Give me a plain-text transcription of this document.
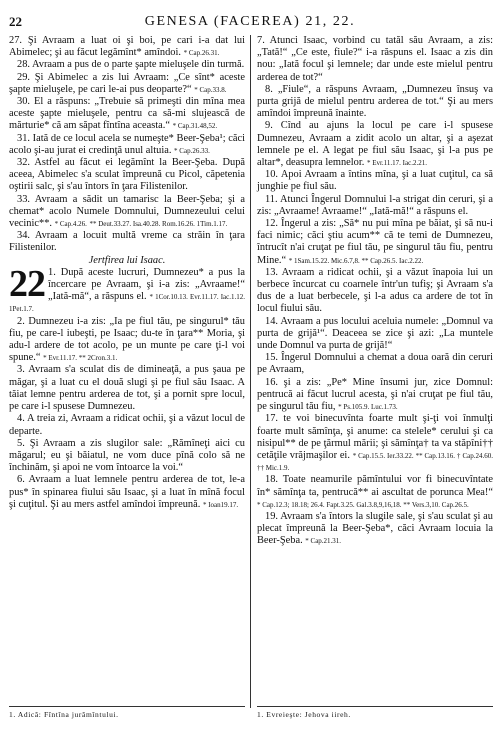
22	GENESA (FACEREA) 21, 22.

27. Şi Avraam a luat oi şi boi, pe cari i-a dat lui Abimelec; şi au făcut legămînt* amîndoi. * Cap.26.31.

28. Avraam a pus de o parte şapte mieluşele din turmă.

29. Şi Abimelec a zis lui Avraam: „Ce sînt* aceste şapte mieluşele, pe cari le-ai pus deoparte?“ * Cap.33.8.

30. El a răspuns: „Trebuie să primeşti din mîna mea aceste şapte mieluşele, pentru ca să-mi slujească de mărturie* că am săpat fîntîna aceasta.“ * Cap.31.48,52.

31. Iată de ce locul acela se numeşte* Beer-Şeba¹; căci acolo şi-au jurat ei credinţă unul altuia. * Cap.26.33.

32. Astfel au făcut ei legămînt la Beer-Şeba. După aceea, Abimelec s'a sculat împreună cu Picol, căpetenia oştirii salc, şi s'au întors în ţara Filistenilor.

33. Avraam a sădit un tamarisc la Beer-Şeba; şi a chemat* acolo Numele Domnului, Dumnezeului celui vecinic**. * Cap.4.26. ** Deut.33.27. Isa.40.28. Rom.16.26. 1Tim.1.17.

34. Avraam a locuit multă vreme ca străin în ţara Filistenilor.

Jertfirea lui Isaac.

22 1. După aceste lucruri, Dumnezeu* a pus la încercare pe Avraam, şi i-a zis: „Avraame!“ „Iată-mă“, a răspuns el. * 1Cor.10.13. Evr.11.17. Iac.1.12. 1Pet.1.7.

2. Dumnezeu i-a zis: „Ia pe fiul tău, pe singurul* tău fiu, pe care-l iubeşti, pe Isaac; du-te în ţara** Moria, şi adu-l ardere de tot acolo, pe un munte pe care ţi-l voi spune.“ * Evr.11.17. ** 2Cron.3.1.

3. Avraam s'a sculat dis de dimineaţă, a pus şaua pe măgar, şi a luat cu el două slugi şi pe fiul său Isaac. A tăiat lemne pentru arderea de tot, şi a pornit spre locul, pe care i-l spusese Dumnezeu.

4. A treia zi, Avraam a ridicat ochii, şi a văzut locul de departe.

5. Şi Avraam a zis slugilor sale: „Rămîneţi aici cu măgarul; eu şi băiatul, ne vom duce pînă colo să ne închinăm, şi apoi ne vom întoarce la voi.“

6. Avraam a luat lemnele pentru arderea de tot, le-a pus* în spinarea fiului său Isaac, şi a luat în mînă focul şi cuţitul. Şi au mers astfel amîndoi împreună. * Ioan19.17.

7. Atunci Isaac, vorbind cu tatăl său Avraam, a zis: „Tată!“ „Ce este, fiule?“ i-a răspuns el. Isaac a zis din nou: „Iată focul şi lemnele; dar unde este mielul pentru arderea de tot?“

8. „Fiule“, a răspuns Avraam, „Dumnezeu însuş va purta grijă de mielul pentru arderea de tot.“ Şi au mers amîndoi împreună înainte.

9. Cînd au ajuns la locul pe care i-l spusese Dumnezeu, Avraam a zidit acolo un altar, şi a aşezat lemnele pe el. A legat pe fiul său Isaac, şi l-a pus pe altar*, deasupra lemnelor. * Evr.11.17. Iac.2.21.

10. Apoi Avraam a întins mîna, şi a luat cuţitul, ca să junghie pe fiul său.

11. Atunci Îngerul Domnului l-a strigat din ceruri, şi a zis: „Avraame! Avraame!“ „Iată-mă!“ a răspuns el.

12. Îngerul a zis: „Să* nu pui mîna pe băiat, şi să nu-i faci nimic; căci ştiu acum** că te temi de Dumnezeu, întrucît n'ai cruţat pe fiul tău, pe singurul tău fiu, pentru Mine.“ * 1Sam.15.22. Mic.6.7,8. ** Cap.26.5. Iac.2.22.

13. Avraam a ridicat ochii, şi a văzut înapoia lui un berbece încurcat cu coarnele într'un tufiş; şi Avraam s'a dus de a luat berbecele, şi l-a adus ca ardere de tot în locul fiului său.

14. Avraam a pus locului aceluia numele: „Domnul va purta de grijă¹“. Deaceea se zice şi azi: „La muntele unde Domnul va purta de grijă!“

15. Îngerul Domnului a chemat a doua oară din ceruri pe Avraam,

16. şi a zis: „Pe* Mine însumi jur, zice Domnul: pentrucă ai făcut lucrul acesta, şi n'ai cruţat pe fiul tău, pe singurul tău fiu, * Ps.105.9. Luc.1.73.

17. te voi binecuvînta foarte mult şi-ţi voi înmulţi foarte mult sămînţa, şi anume: ca stelele* cerului şi ca nisipul** de pe ţărmul mării; şi sămînţa† ta va stăpîni†† cetăţile vrăjmaşilor ei. * Cap.15.5. Ier.33.22. ** Cap.13.16. † Cap.24.60. †† Mic.1.9.

18. Toate neamurile pămîntului vor fi binecuvîntate în* sămînţa ta, pentrucă** ai ascultat de porunca Mea!“ * Cap.12.3; 18.18; 26.4. Fapt.3.25. Gal.3.8,9,16,18. ** Vers.3,10. Cap.26.5.

19. Avraam s'a întors la slugile sale, şi s'au sculat şi au plecat împreună la Beer-Şeba*, căci Avraam locuia la Beer-Şeba. * Cap.21.31.

1. Adică: Fîntîna jurămîntului.	1. Evreieşte: Jehova iireh.
